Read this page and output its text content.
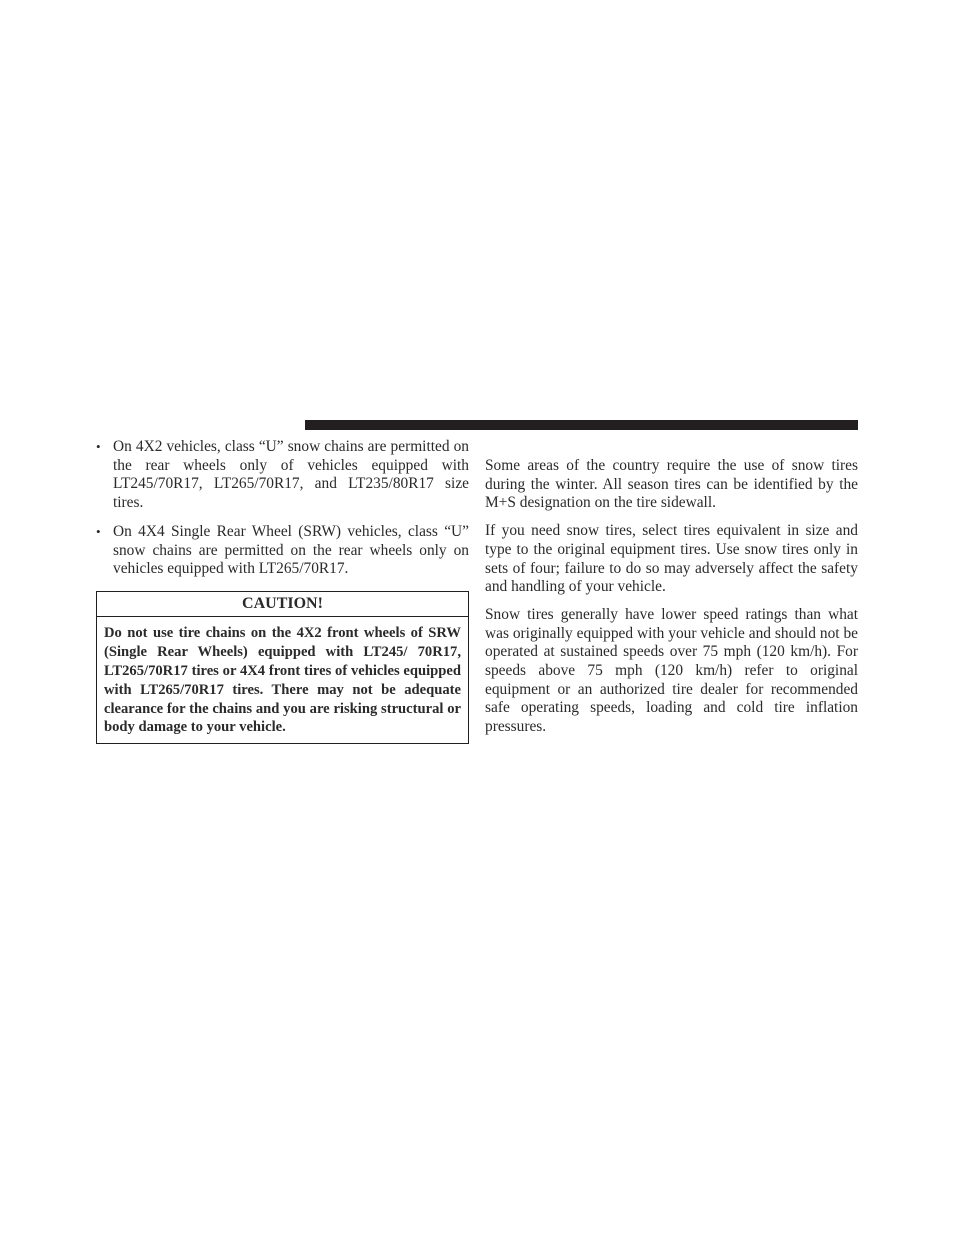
• On 4X2 vehicles, class “U” snow chains are permitted on the rear wheels only of vehicles equipped with LT245/70R17, LT265/70R17, and LT235/80R17 size tires.
• On 4X4 Single Rear Wheel (SRW) vehicles, class “U” snow chains are permitted on the rear wheels only on vehicles equipped with LT265/70R17.
CAUTION!
Do not use tire chains on the 4X2 front wheels of SRW (Single Rear Wheels) equipped with LT245/ 70R17, LT265/70R17 tires or 4X4 front tires of vehicles equipped with LT265/70R17 tires. There may not be adequate clearance for the chains and you are risking structural or body damage to your vehicle.

Some areas of the country require the use of snow tires during the winter. All season tires can be identified by the M+S designation on the tire sidewall.

If you need snow tires, select tires equivalent in size and type to the original equipment tires. Use snow tires only in sets of four; failure to do so may adversely affect the safety and handling of your vehicle.

Snow tires generally have lower speed ratings than what was originally equipped with your vehicle and should not be operated at sustained speeds over 75 mph (120 km/h). For speeds above 75 mph (120 km/h) refer to original equipment or an authorized tire dealer for recommended safe operating speeds, loading and cold tire inflation pressures.
